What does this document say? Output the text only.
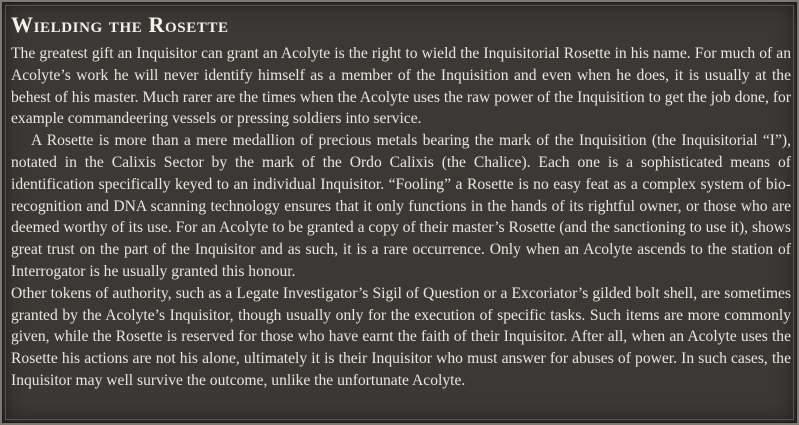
Wielding the Rosette

The greatest gift an Inquisitor can grant an Acolyte is the right to wield the Inquisitorial Rosette in his name. For much of an Acolyte’s work he will never identify himself as a member of the Inquisition and even when he does, it is usually at the behest of his master. Much rarer are the times when the Acolyte uses the raw power of the Inquisition to get the job done, for example commandeering vessels or pressing soldiers into service.

A Rosette is more than a mere medallion of precious metals bearing the mark of the Inquisition (the Inquisitorial “I”), notated in the Calixis Sector by the mark of the Ordo Calixis (the Chalice). Each one is a sophisticated means of identification specifically keyed to an individual Inquisitor. “Fooling” a Rosette is no easy feat as a complex system of bio-recognition and DNA scanning technology ensures that it only functions in the hands of its rightful owner, or those who are deemed worthy of its use. For an Acolyte to be granted a copy of their master’s Rosette (and the sanctioning to use it), shows great trust on the part of the Inquisitor and as such, it is a rare occurrence. Only when an Acolyte ascends to the station of Interrogator is he usually granted this honour.

Other tokens of authority, such as a Legate Investigator’s Sigil of Question or a Excoriator’s gilded bolt shell, are sometimes granted by the Acolyte’s Inquisitor, though usually only for the execution of specific tasks. Such items are more commonly given, while the Rosette is reserved for those who have earnt the faith of their Inquisitor. After all, when an Acolyte uses the Rosette his actions are not his alone, ultimately it is their Inquisitor who must answer for abuses of power. In such cases, the Inquisitor may well survive the outcome, unlike the unfortunate Acolyte.
